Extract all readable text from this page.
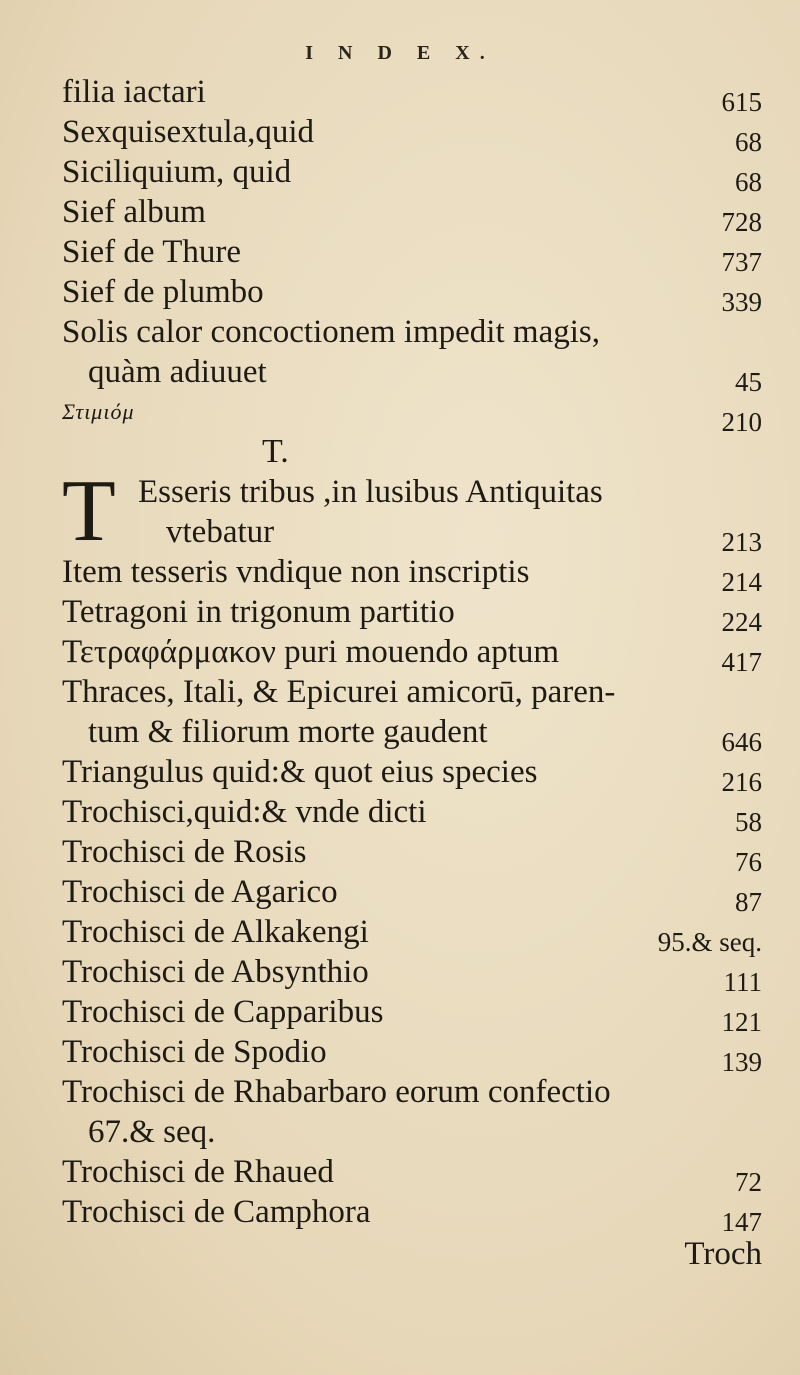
I N D E X.
filia iactari	615
Sexquisextula,quid	68
Siciliquium, quid	68
Sief album	728
Sief de Thure	737
Sief de plumbo	339
Solis calor concoctionem impedit magis,
quàm adiuuet	45
Στιμιόμ	210
T.
T Esseris tribus ,in lusibus Antiquitas
vtebatur	213
Item tesseris vndique non inscriptis	214
Tetragoni in trigonum partitio	224
Τετραφάρμακον puri mouendo aptum	417
Thraces, Itali, & Epicurei amicorū, paren-
tum & filiorum morte gaudent	646
Triangulus quid:& quot eius species	216
Trochisci,quid:& vnde dicti	58
Trochisci de Rosis	76
Trochisci de Agarico	87
Trochisci de Alkakengi	95.& seq.
Trochisci de Absynthio	111
Trochisci de Capparibus	121
Trochisci de Spodio	139
Trochisci de Rhabarbaro eorum confectio
67.& seq.
Trochisci de Rhaued	72
Trochisci de Camphora	147
Troch
